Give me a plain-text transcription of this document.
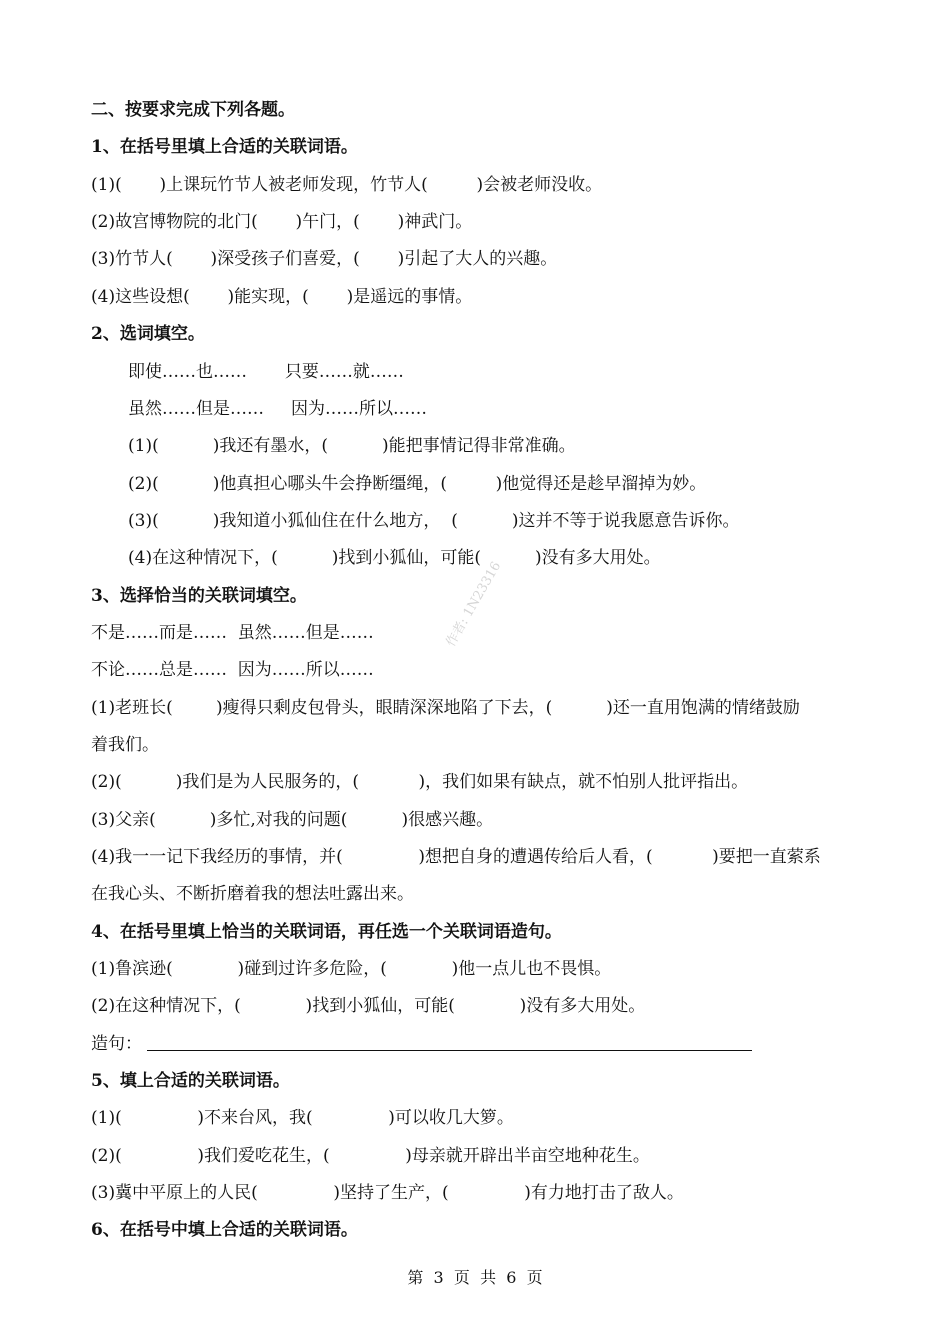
二、按要求完成下列各题。
1、在括号里填上合适的关联词语。
(1)(       )上课玩竹节人被老师发现，竹节人(         )会被老师没收。
(2)故宫博物院的北门(       )午门，(       )神武门。
(3)竹节人(       )深受孩子们喜爱，(       )引起了大人的兴趣。
(4)这些设想(       )能实现，(       )是遥远的事情。
2、选词填空。
即使……也……       只要……就……
虽然……但是……     因为……所以……
(1)(          )我还有墨水，(          )能把事情记得非常准确。
(2)(          )他真担心哪头牛会挣断缰绳，(         )他觉得还是趁早溜掉为妙。
(3)(          )我知道小狐仙住在什么地方，  (          )这并不等于说我愿意告诉你。
(4)在这种情况下，(          )找到小狐仙，可能(          )没有多大用处。
3、选择恰当的关联词填空。
不是……而是……  虽然……但是……
不论……总是……  因为……所以……
(1)老班长(        )瘦得只剩皮包骨头，眼睛深深地陷了下去，(          )还一直用饱满的情绪鼓励
着我们。
(2)(          )我们是为人民服务的，(           )，我们如果有缺点，就不怕别人批评指出。
(3)父亲(          )多忙,对我的问题(          )很感兴趣。
(4)我一一记下我经历的事情，并(              )想把自身的遭遇传给后人看，(           )要把一直萦系
在我心头、不断折磨着我的想法吐露出来。
4、在括号里填上恰当的关联词语，再任选一个关联词语造句。
(1)鲁滨逊(            )碰到过许多危险，(            )他一点儿也不畏惧。
(2)在这种情况下，(            )找到小狐仙，可能(            )没有多大用处。
造句：
5、填上合适的关联词语。
(1)(              )不来台风，我(              )可以收几大箩。
(2)(              )我们爱吃花生，(              )母亲就开辟出半亩空地种花生。
(3)冀中平原上的人民(              )坚持了生产，(              )有力地打击了敌人。
6、在括号中填上合适的关联词语。
作者: 1N23316
第  3  页  共  6  页
